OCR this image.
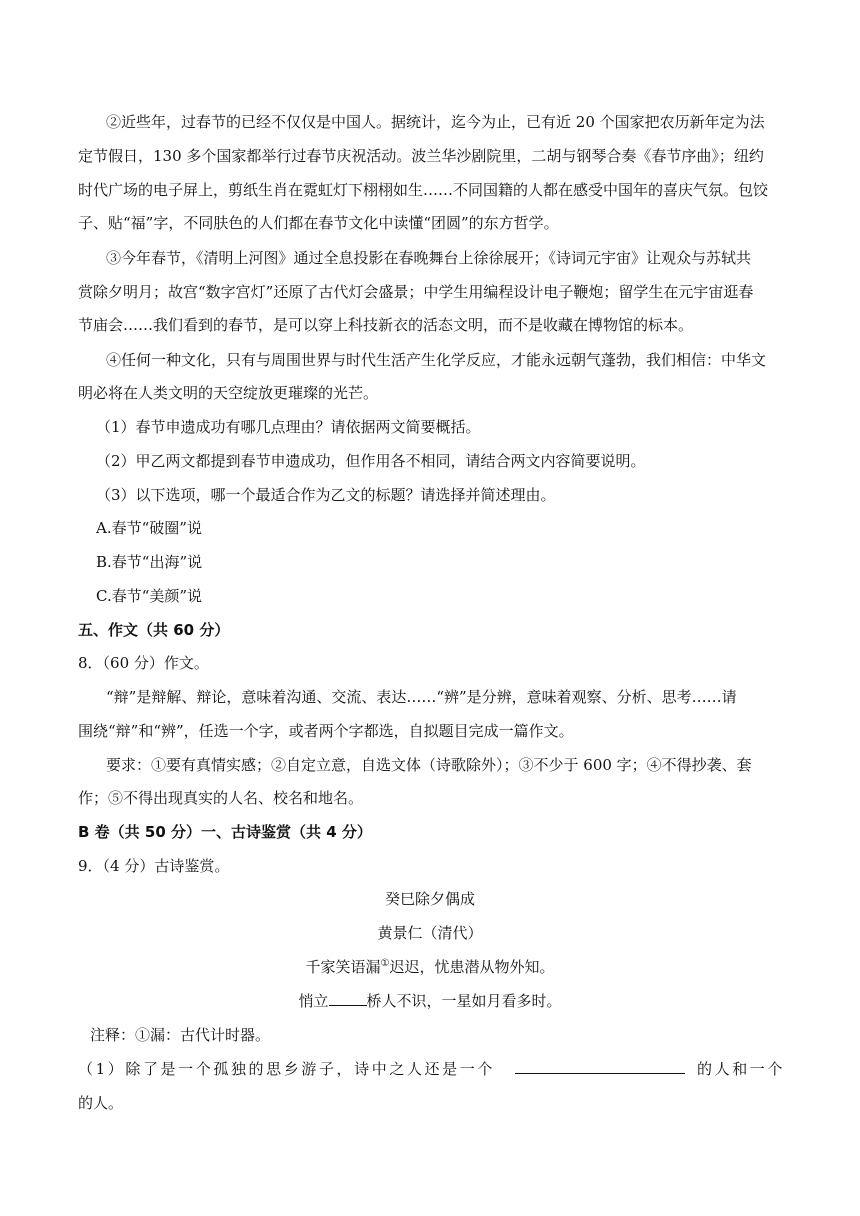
②近些年，过春节的已经不仅仅是中国人。据统计，迄今为止，已有近 20 个国家把农历新年定为法
定节假日，130 多个国家都举行过春节庆祝活动。波兰华沙剧院里，二胡与钢琴合奏《春节序曲》；纽约
时代广场的电子屏上，剪纸生肖在霓虹灯下栩栩如生……不同国籍的人都在感受中国年的喜庆气氛。包饺
子、贴“福”字，不同肤色的人们都在春节文化中读懂“团圆”的东方哲学。
③今年春节，《清明上河图》通过全息投影在春晚舞台上徐徐展开；《诗词元宇宙》让观众与苏轼共
赏除夕明月；故宫“数字宫灯”还原了古代灯会盛景；中学生用编程设计电子鞭炮；留学生在元宇宙逛春
节庙会……我们看到的春节，是可以穿上科技新衣的活态文明，而不是收藏在博物馆的标本。
④任何一种文化，只有与周围世界与时代生活产生化学反应，才能永远朝气蓬勃，我们相信：中华文
明必将在人类文明的天空绽放更璀璨的光芒。
（1）春节申遗成功有哪几点理由？请依据两文简要概括。
（2）甲乙两文都提到春节申遗成功，但作用各不相同，请结合两文内容简要说明。
（3）以下选项，哪一个最适合作为乙文的标题？请选择并简述理由。
A.春节“破圈”说
B.春节“出海”说
C.春节“美颜”说
五、作文（共 60 分）
8．（60 分）作文。
“辩”是辩解、辩论，意味着沟通、交流、表达……“辨”是分辨，意味着观察、分析、思考……请
围绕“辩”和“辨”，任选一个字，或者两个字都选，自拟题目完成一篇作文。
要求：①要有真情实感；②自定立意，自选文体（诗歌除外）；③不少于 600 字；④不得抄袭、套
作；⑤不得出现真实的人名、校名和地名。
B 卷（共 50 分）一、古诗鉴赏（共 4 分）
9．（4 分）古诗鉴赏。
癸巳除夕偶成
黄景仁（清代）
千家笑语漏①迟迟，忧患潜从物外知。
悄立	桥人不识，一星如月看多时。
注释：①漏：古代计时器。
（1）除了是一个孤独的思乡游子，诗中之人还是一个	的人和一个
的人。
